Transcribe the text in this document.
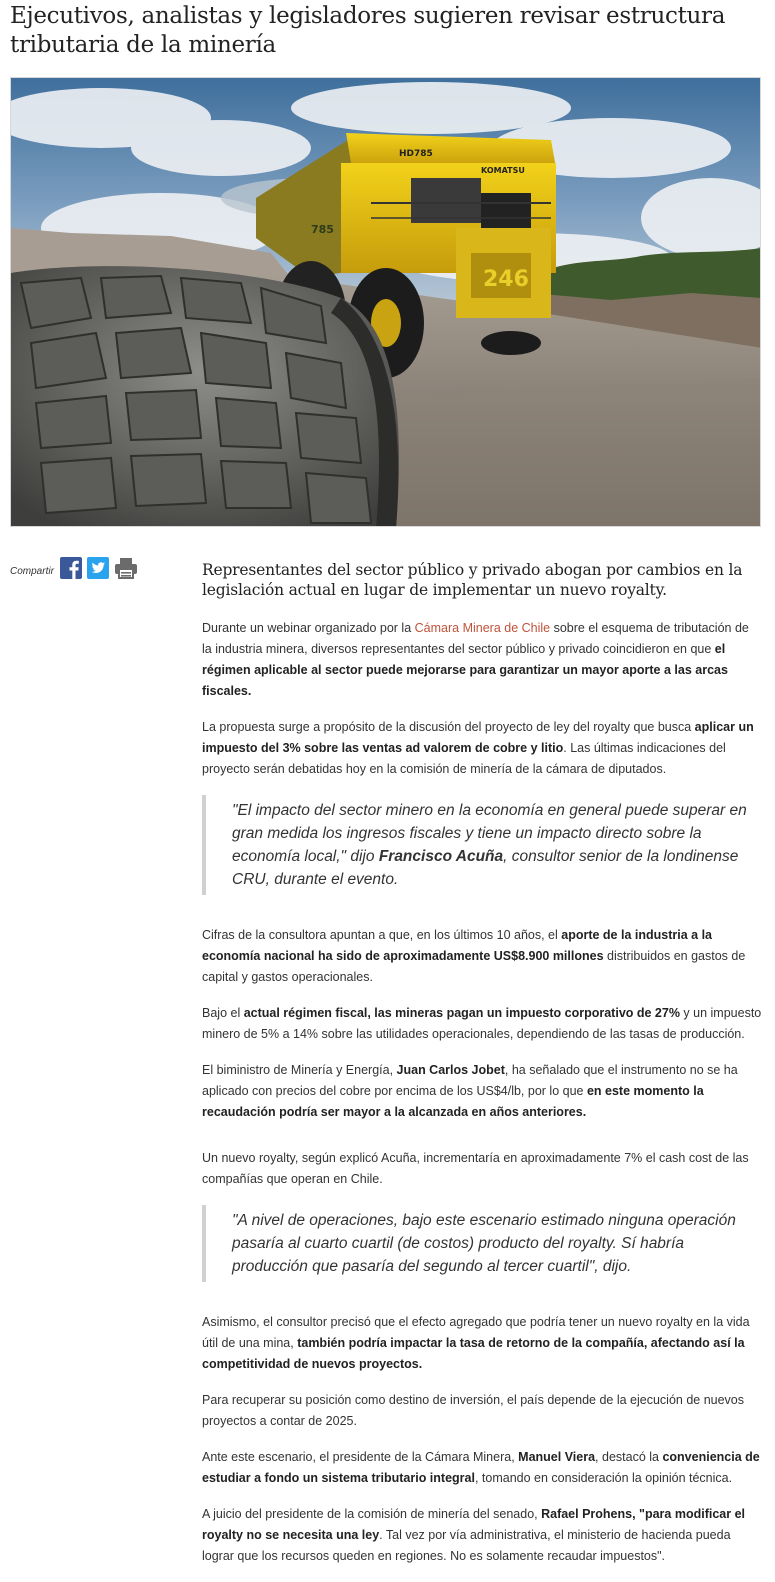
Ejecutivos, analistas y legisladores sugieren revisar estructura tributaria de la minería
246
HD785
KOMATSU
785
Compartir	Representantes del sector público y privado abogan por cambios en la legislación actual en lugar de implementar un nuevo royalty.

Durante un webinar organizado por la Cámara Minera de Chile sobre el esquema de tributación de la industria minera, diversos representantes del sector público y privado coincidieron en que el régimen aplicable al sector puede mejorarse para garantizar un mayor aporte a las arcas fiscales.

La propuesta surge a propósito de la discusión del proyecto de ley del royalty que busca aplicar un impuesto del 3% sobre las ventas ad valorem de cobre y litio. Las últimas indicaciones del proyecto serán debatidas hoy en la comisión de minería de la cámara de diputados.

"El impacto del sector minero en la economía en general puede superar en gran medida los ingresos fiscales y tiene un impacto directo sobre la economía local," dijo Francisco Acuña, consultor senior de la londinense CRU, durante el evento.

Cifras de la consultora apuntan a que, en los últimos 10 años, el aporte de la industria a la economía nacional ha sido de aproximadamente US$8.900 millones distribuidos en gastos de capital y gastos operacionales.

Bajo el actual régimen fiscal, las mineras pagan un impuesto corporativo de 27% y un impuesto minero de 5% a 14% sobre las utilidades operacionales, dependiendo de las tasas de producción.

El biministro de Minería y Energía, Juan Carlos Jobet, ha señalado que el instrumento no se ha aplicado con precios del cobre por encima de los US$4/lb, por lo que en este momento la recaudación podría ser mayor a la alcanzada en años anteriores.

Un nuevo royalty, según explicó Acuña, incrementaría en aproximadamente 7% el cash cost de las compañías que operan en Chile.

"A nivel de operaciones, bajo este escenario estimado ninguna operación pasaría al cuarto cuartil (de costos) producto del royalty. Sí habría producción que pasaría del segundo al tercer cuartil", dijo.

Asimismo, el consultor precisó que el efecto agregado que podría tener un nuevo royalty en la vida útil de una mina, también podría impactar la tasa de retorno de la compañía, afectando así la competitividad de nuevos proyectos.

Para recuperar su posición como destino de inversión, el país depende de la ejecución de nuevos proyectos a contar de 2025.

Ante este escenario, el presidente de la Cámara Minera, Manuel Viera, destacó la conveniencia de estudiar a fondo un sistema tributario integral, tomando en consideración la opinión técnica.

A juicio del presidente de la comisión de minería del senado, Rafael Prohens, "para modificar el royalty no se necesita una ley. Tal vez por vía administrativa, el ministerio de hacienda pueda lograr que los recursos queden en regiones. No es solamente recaudar impuestos".
